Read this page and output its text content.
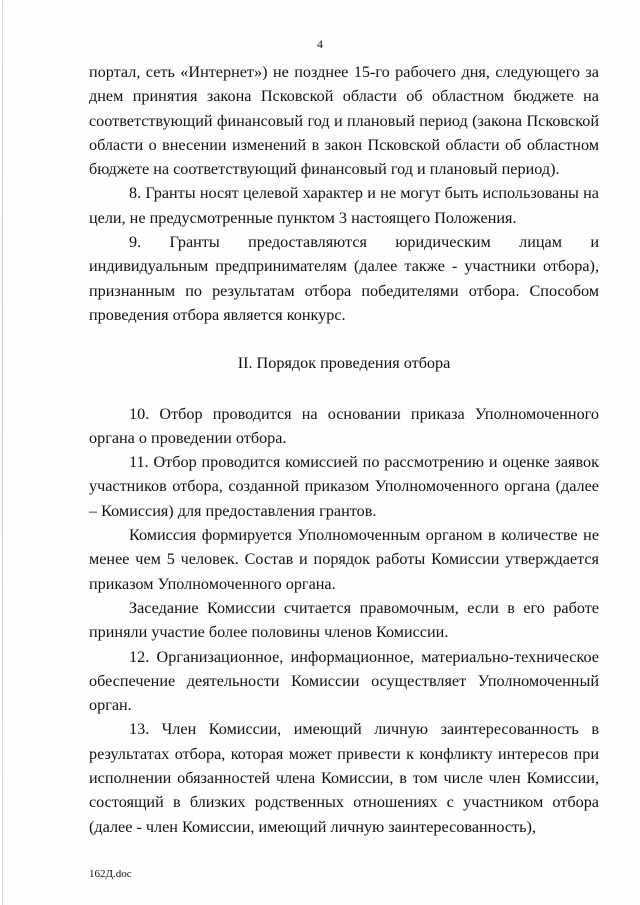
4

портал, сеть «Интернет») не позднее 15-го рабочего дня, следующего за днем принятия закона Псковской области об областном бюджете на соответствующий финансовый год и плановый период (закона Псковской области о внесении изменений в закон Псковской области об областном бюджете на соответствующий финансовый год и плановый период).

8. Гранты носят целевой характер и не могут быть использованы на цели, не предусмотренные пунктом 3 настоящего Положения.

9. Гранты предоставляются юридическим лицам и индивидуальным предпринимателям (далее также - участники отбора), признанным по результатам отбора победителями отбора. Способом проведения отбора является конкурс.

II. Порядок проведения отбора

10. Отбор проводится на основании приказа Уполномоченного органа о проведении отбора.

11. Отбор проводится комиссией по рассмотрению и оценке заявок участников отбора, созданной приказом Уполномоченного органа (далее – Комиссия) для предоставления грантов.

Комиссия формируется Уполномоченным органом в количестве не менее чем 5 человек. Состав и порядок работы Комиссии утверждается приказом Уполномоченного органа.

Заседание Комиссии считается правомочным, если в его работе приняли участие более половины членов Комиссии.

12. Организационное, информационное, материально-техническое обеспечение деятельности Комиссии осуществляет Уполномоченный орган.

13. Член Комиссии, имеющий личную заинтересованность в результатах отбора, которая может привести к конфликту интересов при исполнении обязанностей члена Комиссии, в том числе член Комиссии, состоящий в близких родственных отношениях с участником отбора (далее - член Комиссии, имеющий личную заинтересованность),

162Д.doc
